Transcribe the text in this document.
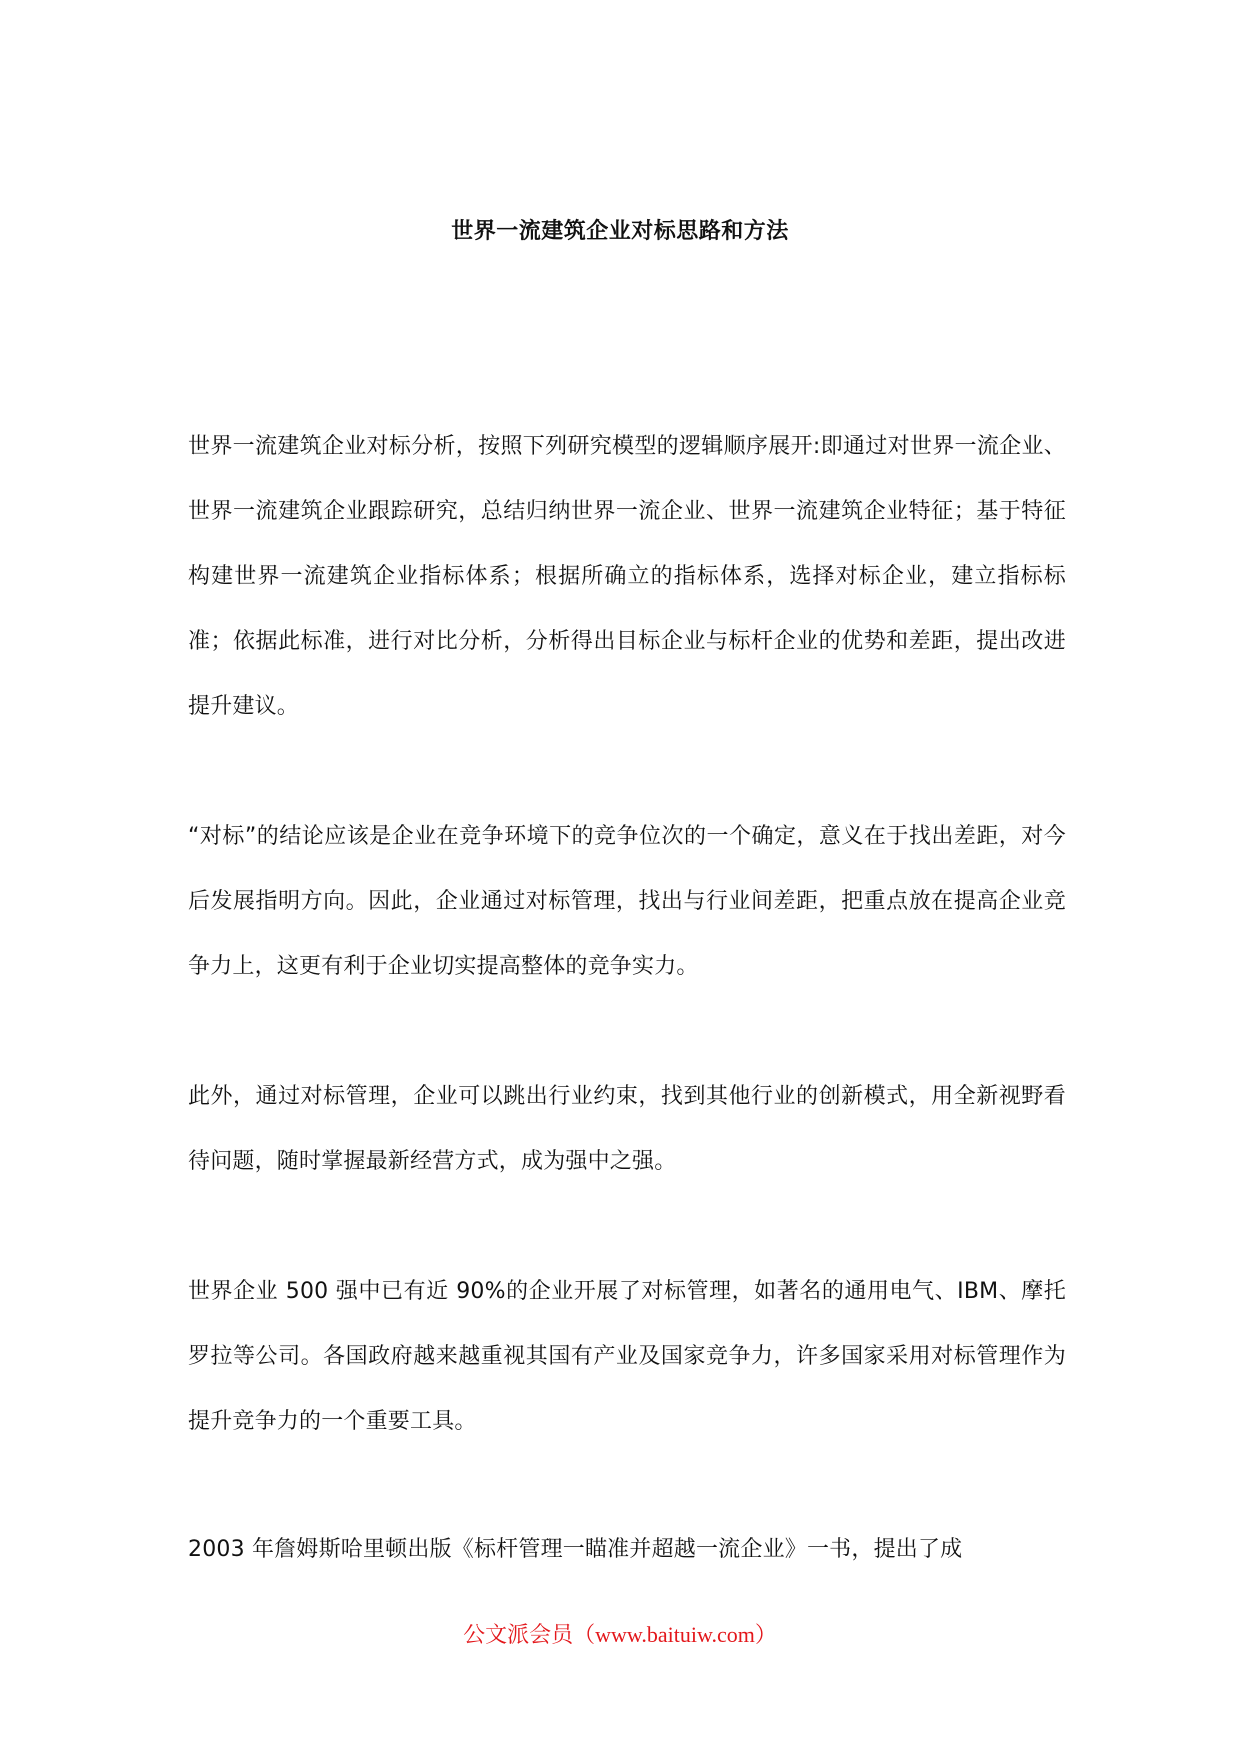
世界一流建筑企业对标思路和方法

世界一流建筑企业对标分析，按照下列研究模型的逻辑顺序展开:即通过对世界一流企业、世界一流建筑企业跟踪研究，总结归纳世界一流企业、世界一流建筑企业特征；基于特征构建世界一流建筑企业指标体系；根据所确立的指标体系，选择对标企业，建立指标标准；依据此标准，进行对比分析，分析得出目标企业与标杆企业的优势和差距，提出改进提升建议。

“对标”的结论应该是企业在竞争环境下的竞争位次的一个确定，意义在于找出差距，对今后发展指明方向。因此，企业通过对标管理，找出与行业间差距，把重点放在提高企业竞争力上，这更有利于企业切实提高整体的竞争实力。

此外，通过对标管理，企业可以跳出行业约束，找到其他行业的创新模式，用全新视野看待问题，随时掌握最新经营方式，成为强中之强。

世界企业 500 强中已有近 90%的企业开展了对标管理，如著名的通用电气、IBM、摩托罗拉等公司。各国政府越来越重视其国有产业及国家竞争力，许多国家采用对标管理作为提升竞争力的一个重要工具。

2003 年詹姆斯哈里顿出版《标杆管理一瞄准并超越一流企业》一书，提出了成

公文派会员（www.baituiw.com）
